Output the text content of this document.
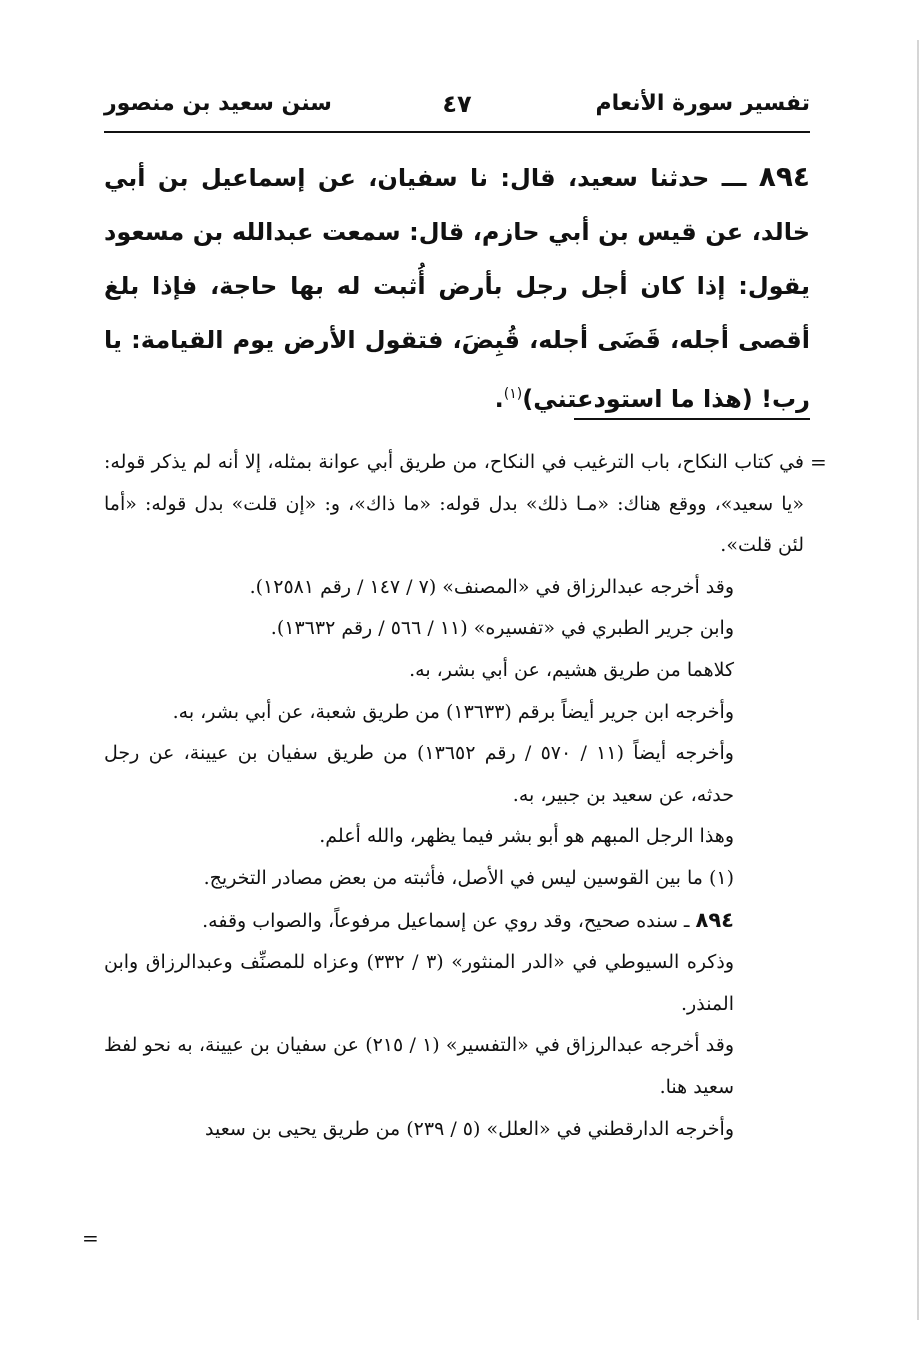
تفسير سورة الأنعام
٤٧
سنن سعيد بن منصور
٨٩٤ ـــ حدثنا سعيد، قال: نا سفيان، عن إسماعيل بن أبي خالد، عن قيس بن أبي حازم، قال: سمعت عبدالله بن مسعود يقول: إذا كان أجل رجل بأرض أُثبت له بها حاجة، فإذا بلغ أقصى أجله، قَضَى أجله، قُبِضَ، فتقول الأرض يوم القيامة: يا رب! (هذا ما استودعتني)$^{(١)}$.
=

في كتاب النكاح، باب الترغيب في النكاح، من طريق أبي عوانة بمثله، إلا أنه لم يذكر قوله: «يا سعيد»، ووقع هناك: «مـا ذلك» بدل قوله: «ما ذاك»، و: «إن قلت» بدل قوله: «أما لئن قلت».

وقد أخرجه عبدالرزاق في «المصنف» (٧ / ١٤٧ / رقم ١٢٥٨١).

وابن جرير الطبري في «تفسيره» (١١ / ٥٦٦ / رقم ١٣٦٣٢).

كلاهما من طريق هشيم، عن أبي بشر، به.

وأخرجه ابن جرير أيضاً برقم (١٣٦٣٣) من طريق شعبة، عن أبي بشر، به.

وأخرجه أيضاً (١١ / ٥٧٠ / رقم ١٣٦٥٢) من طريق سفيان بن عيينة، عن رجل حدثه، عن سعيد بن جبير، به.

وهذا الرجل المبهم هو أبو بشر فيما يظهر، والله أعلم.

(١) ما بين القوسين ليس في الأصل، فأثبته من بعض مصادر التخريج.

٨٩٤ ـ سنده صحيح، وقد روي عن إسماعيل مرفوعاً، والصواب وقفه.

وذكره السيوطي في «الدر المنثور» (٣ / ٣٣٢) وعزاه للمصنِّف وعبدالرزاق وابن المنذر.

وقد أخرجه عبدالرزاق في «التفسير» (١ / ٢١٥) عن سفيان بن عيينة، به نحو لفظ سعيد هنا.

وأخرجه الدارقطني في «العلل» (٥ / ٢٣٩) من طريق يحيى بن سعيد

=
